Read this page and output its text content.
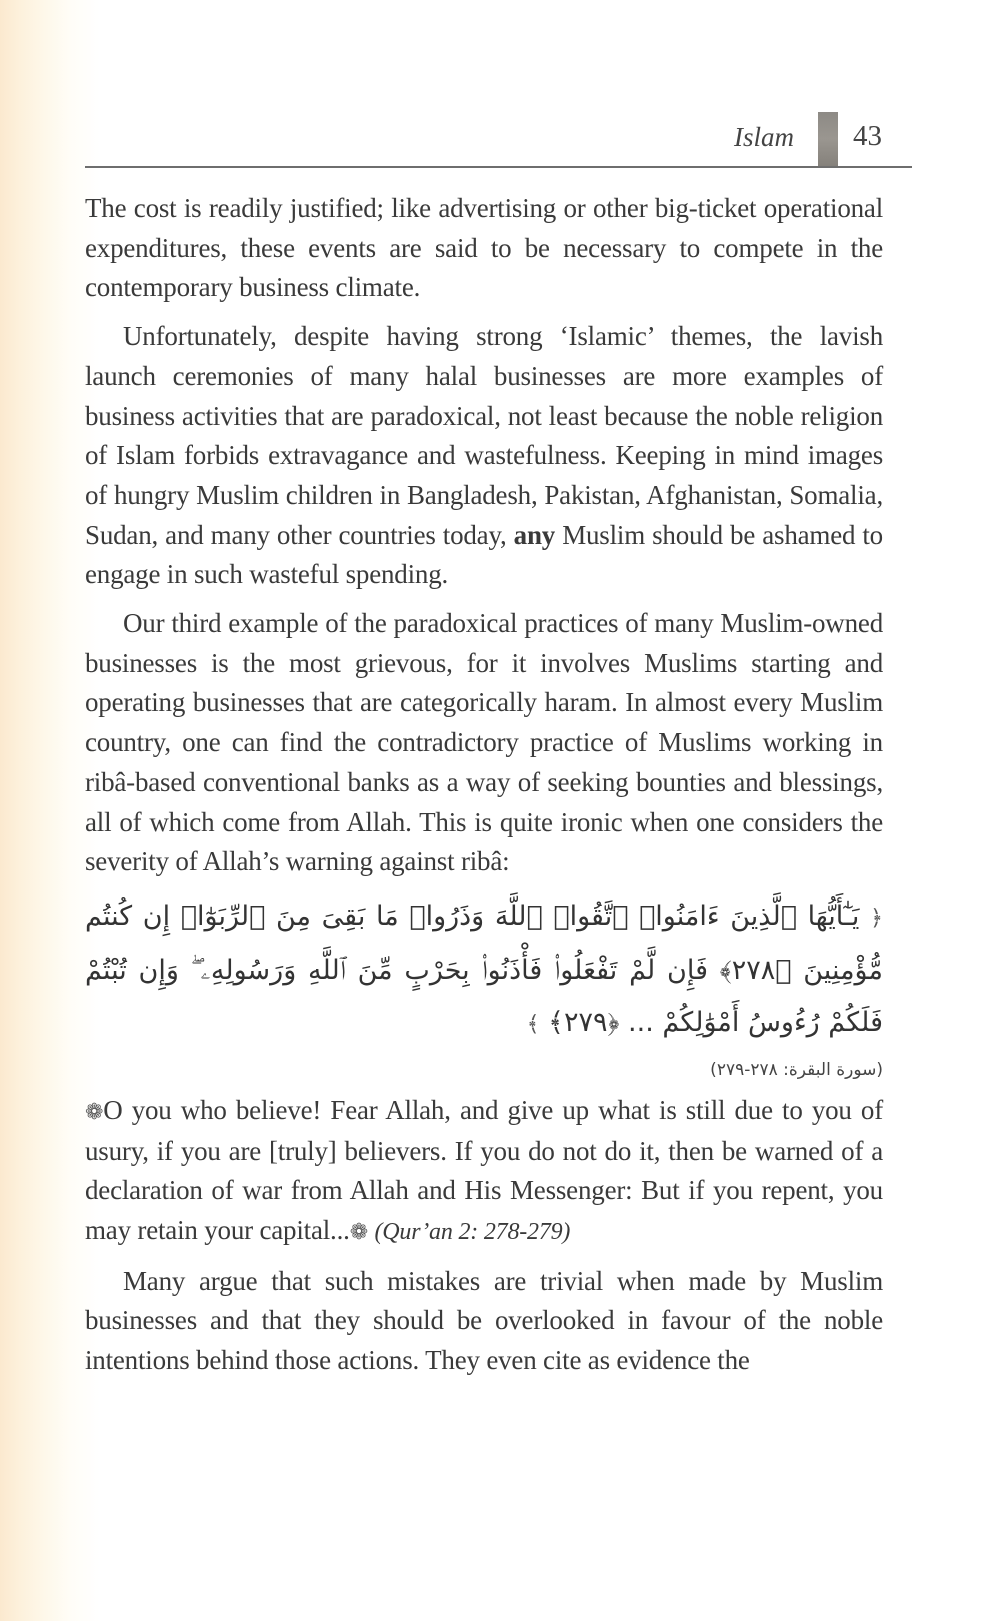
Islam 43

The cost is readily justified; like advertising or other big-ticket operational expenditures, these events are said to be necessary to compete in the contemporary business climate.

Unfortunately, despite having strong ‘Islamic’ themes, the lavish launch ceremonies of many halal businesses are more examples of business activities that are paradoxical, not least because the noble religion of Islam forbids extravagance and wastefulness. Keeping in mind images of hungry Muslim children in Bangladesh, Pakistan, Afghanistan, Somalia, Sudan, and many other countries today, any Muslim should be ashamed to engage in such wasteful spending.

Our third example of the paradoxical practices of many Muslim-owned businesses is the most grievous, for it involves Muslims starting and operating businesses that are categorically haram. In almost every Muslim country, one can find the contradictory practice of Muslims working in ribâ-based conventional banks as a way of seeking bounties and blessings, all of which come from Allah. This is quite ironic when one considers the severity of Allah’s warning against ribâ:

﴿ يَـٰٓأَيُّهَا ٱلَّذِينَ ءَامَنُوا۟ ٱتَّقُوا۟ ٱللَّهَ وَذَرُوا۟ مَا بَقِىَ مِنَ ٱلرِّبَوٰٓا۟ إِن كُنتُم مُّؤْمِنِينَ ﴿٢٧٨﴾ فَإِن لَّمْ تَفْعَلُوا۟ فَأْذَنُوا۟ بِحَرْبٍ مِّنَ ٱللَّهِ وَرَسُولِهِۦ ۖ وَإِن تُبْتُمْ فَلَكُمْ رُءُوسُ أَمْوَٰلِكُمْ ... ﴿٢٧٩﴾ ﴾
(سورة البقرة: ٢٧٨-٢٧٩)

❁O you who believe! Fear Allah, and give up what is still due to you of usury, if you are [truly] believers. If you do not do it, then be warned of a declaration of war from Allah and His Messenger: But if you repent, you may retain your capital...❁ (Qur’an 2: 278-279)

Many argue that such mistakes are trivial when made by Muslim businesses and that they should be overlooked in favour of the noble intentions behind those actions. They even cite as evidence the
